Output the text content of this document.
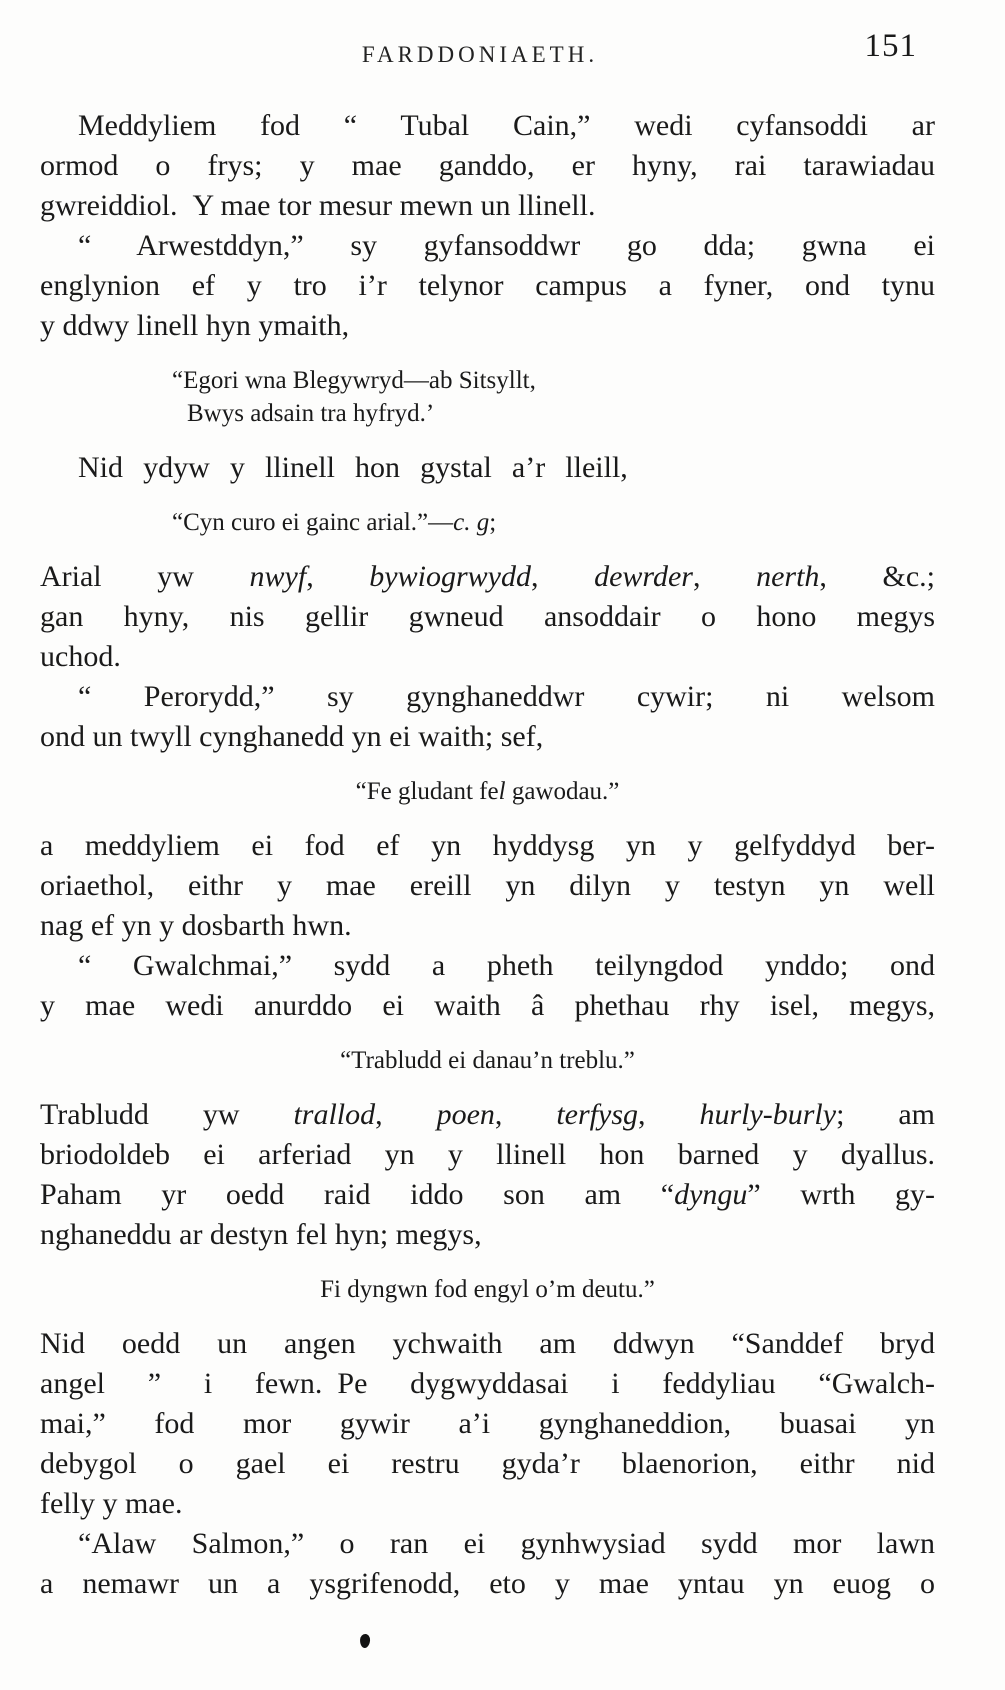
FARDDONIAETH.	151
Meddyliem fod “ Tubal Cain,” wedi cyfansoddi ar
ormod o frys; y mae ganddo, er hyny, rai tarawiadau
gwreiddiol. Y mae tor mesur mewn un llinell.
“ Arwestddyn,” sy gyfansoddwr go dda; gwna ei
englynion ef y tro i’r telynor campus a fyner, ond tynu
y ddwy linell hyn ymaith,
“Egori wna Blegywryd—ab Sitsyllt,
Bwys adsain tra hyfryd.’
Nid ydyw y llinell hon gystal a’r lleill,
“Cyn curo ei gainc arial.”—c. g;
Arial yw nwyf, bywiogrwydd, dewrder, nerth, &c.;
gan hyny, nis gellir gwneud ansoddair o hono megys
uchod.
“ Perorydd,” sy gynghaneddwr cywir; ni welsom
ond un twyll cynghanedd yn ei waith; sef,
“Fe gludant fel gawodau.”
a meddyliem ei fod ef yn hyddysg yn y gelfyddyd ber-
oriaethol, eithr y mae ereill yn dilyn y testyn yn well
nag ef yn y dosbarth hwn.
“ Gwalchmai,” sydd a pheth teilyngdod ynddo; ond
y mae wedi anurddo ei waith â phethau rhy isel, megys,
“Trabludd ei danau’n treblu.”
Trabludd yw trallod, poen, terfysg, hurly-burly; am
briodoldeb ei arferiad yn y llinell hon barned y dyallus.
Paham yr oedd raid iddo son am “dyngu” wrth gy-
nghaneddu ar destyn fel hyn; megys,
Fi dyngwn fod engyl o’m deutu.”
Nid oedd un angen ychwaith am ddwyn “Sanddef bryd
angel ” i fewn. Pe dygwyddasai i feddyliau “Gwalch-
mai,” fod mor gywir a’i gynghaneddion, buasai yn
debygol o gael ei restru gyda’r blaenorion, eithr nid
felly y mae.
“Alaw Salmon,” o ran ei gynhwysiad sydd mor lawn
a nemawr un a ysgrifenodd, eto y mae yntau yn euog o
